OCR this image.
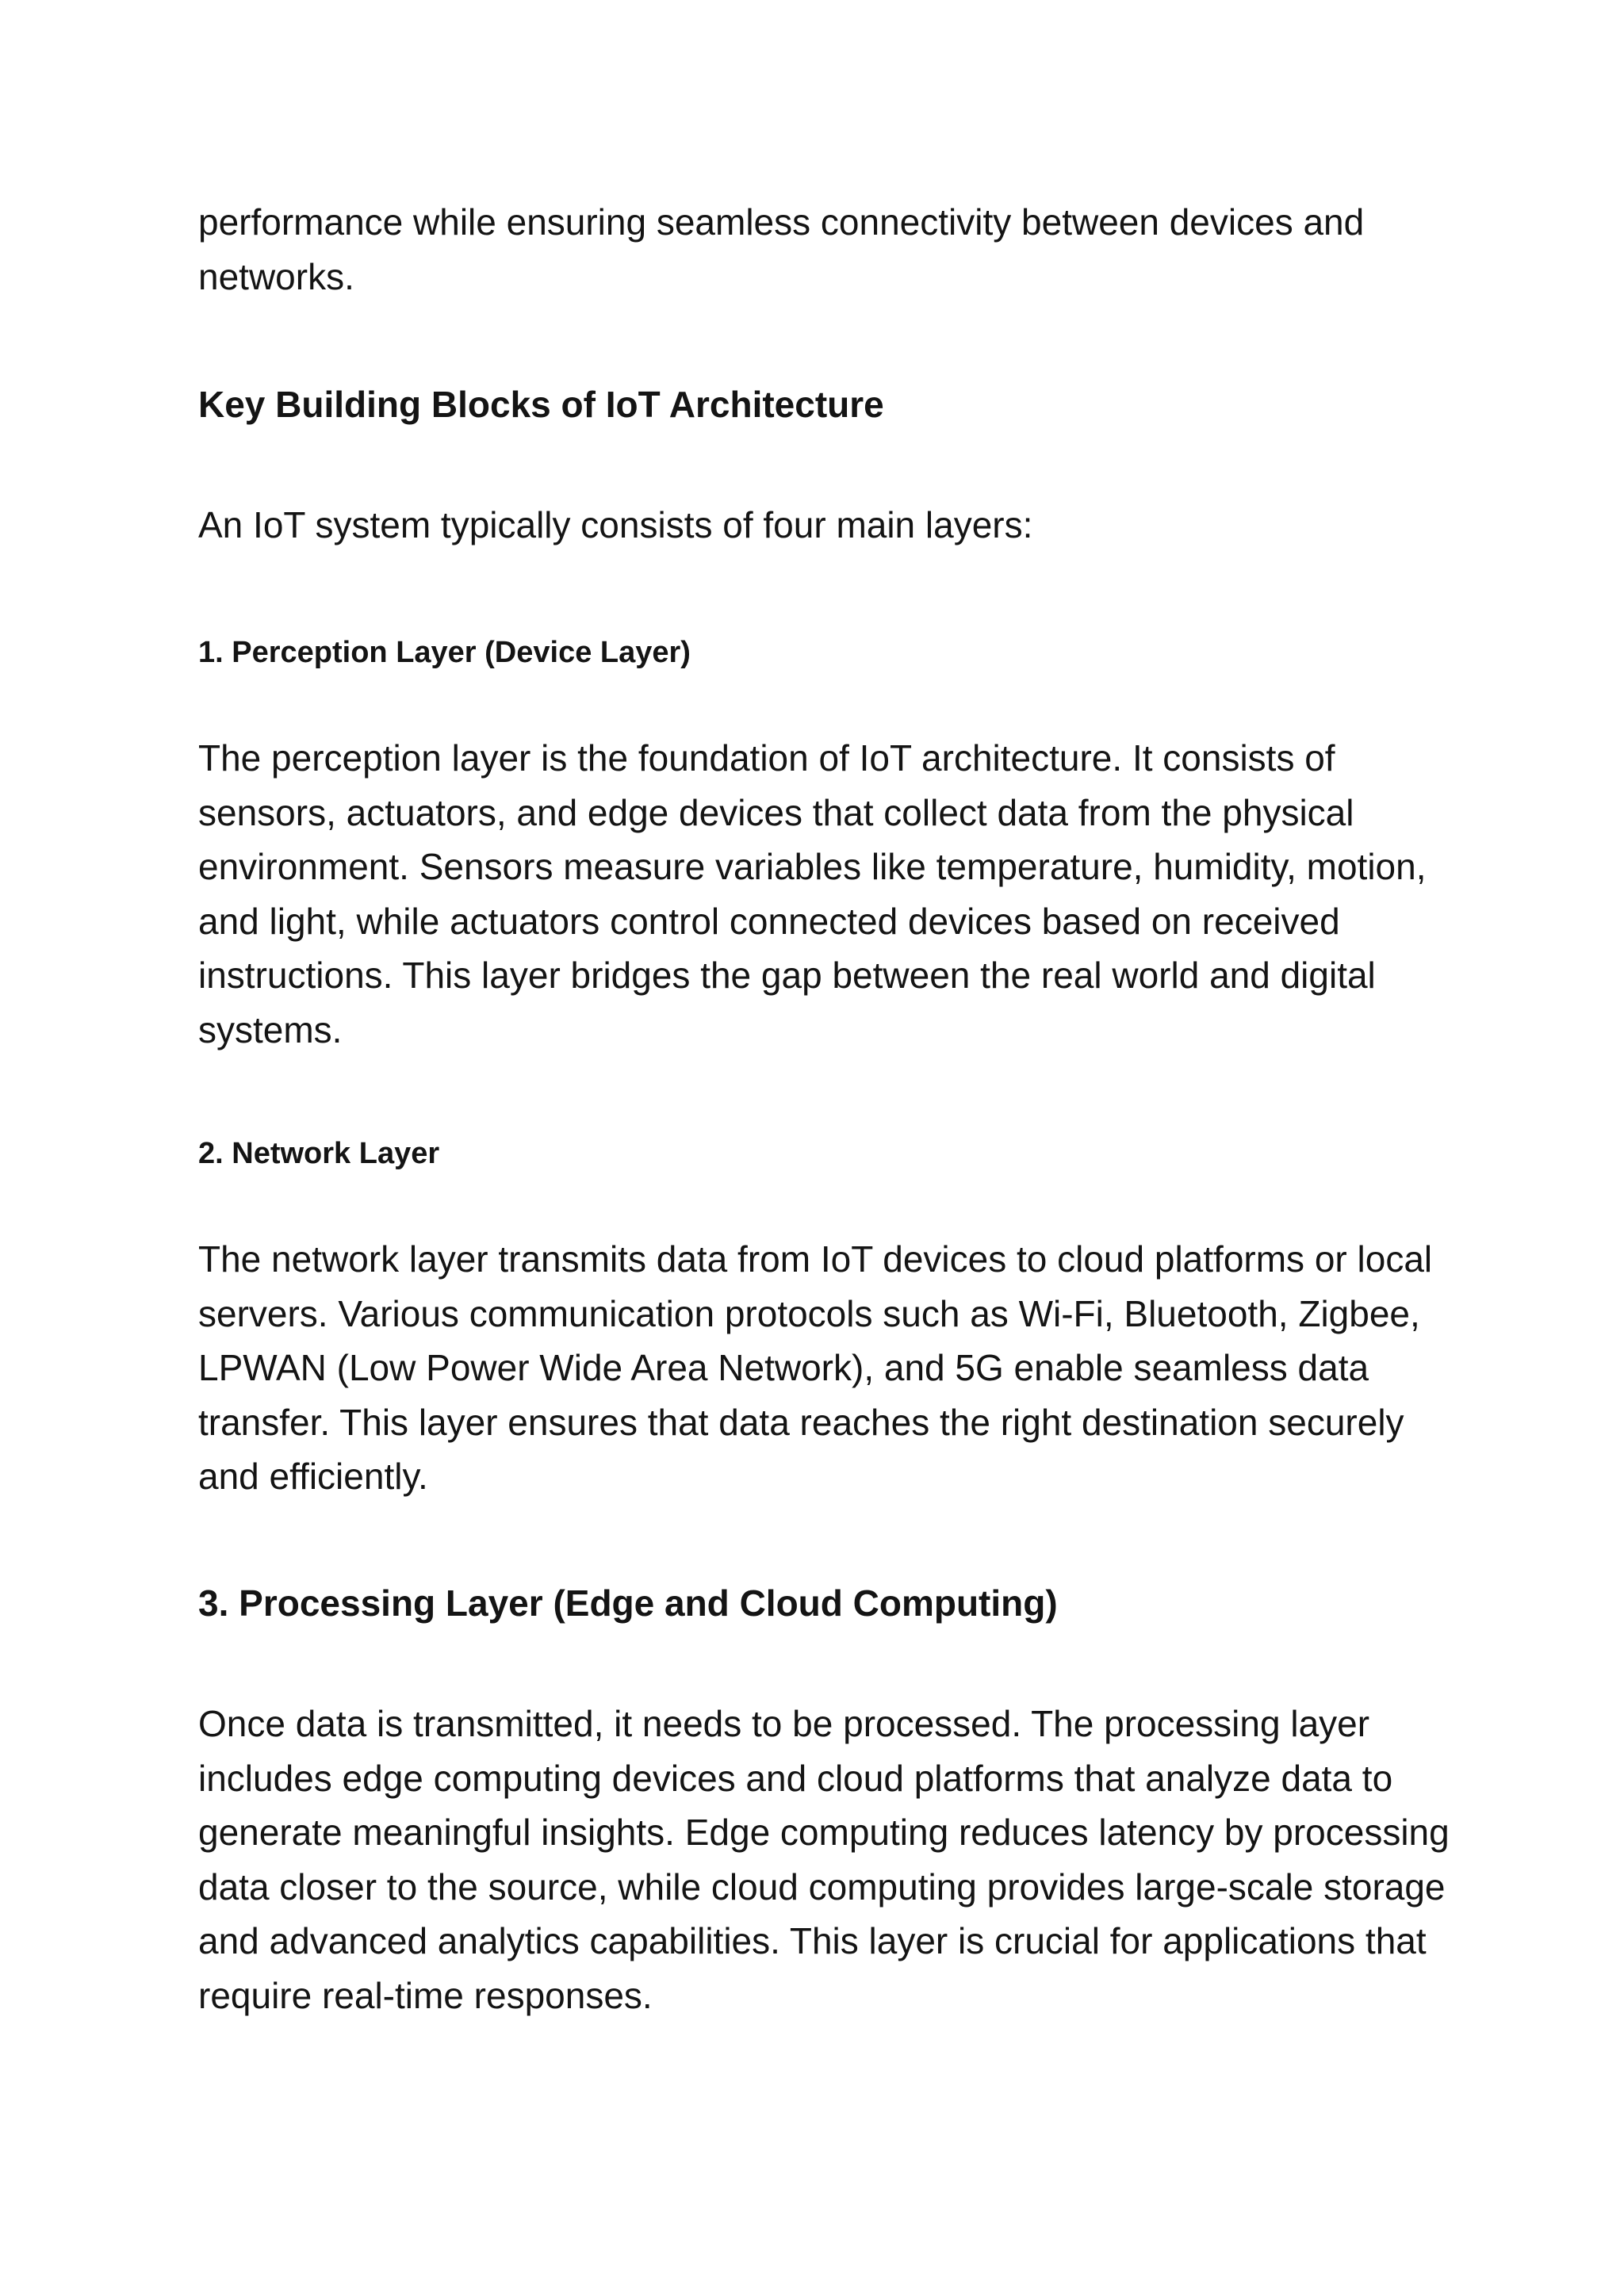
performance while ensuring seamless connectivity between devices and networks.

Key Building Blocks of IoT Architecture

An IoT system typically consists of four main layers:

1. Perception Layer (Device Layer)

The perception layer is the foundation of IoT architecture. It consists of sensors, actuators, and edge devices that collect data from the physical environment. Sensors measure variables like temperature, humidity, motion, and light, while actuators control connected devices based on received instructions. This layer bridges the gap between the real world and digital systems.

2. Network Layer

The network layer transmits data from IoT devices to cloud platforms or local servers. Various communication protocols such as Wi-Fi, Bluetooth, Zigbee, LPWAN (Low Power Wide Area Network), and 5G enable seamless data transfer. This layer ensures that data reaches the right destination securely and efficiently.

3. Processing Layer (Edge and Cloud Computing)

Once data is transmitted, it needs to be processed. The processing layer includes edge computing devices and cloud platforms that analyze data to generate meaningful insights. Edge computing reduces latency by processing data closer to the source, while cloud computing provides large-scale storage and advanced analytics capabilities. This layer is crucial for applications that require real-time responses.
